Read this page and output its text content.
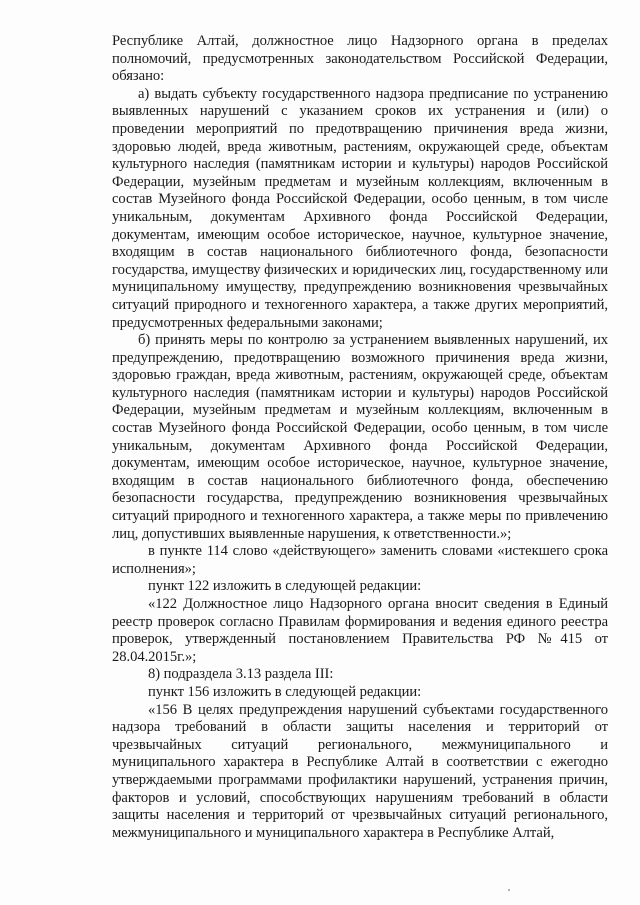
Республике Алтай, должностное лицо Надзорного органа в пределах полномочий, предусмотренных законодательством Российской Федерации, обязано:

а) выдать субъекту государственного надзора предписание по устранению выявленных нарушений с указанием сроков их устранения и (или) о проведении мероприятий по предотвращению причинения вреда жизни, здоровью людей, вреда животным, растениям, окружающей среде, объектам культурного наследия (памятникам истории и культуры) народов Российской Федерации, музейным предметам и музейным коллекциям, включенным в состав Музейного фонда Российской Федерации, особо ценным, в том числе уникальным, документам Архивного фонда Российской Федерации, документам, имеющим особое историческое, научное, культурное значение, входящим в состав национального библиотечного фонда, безопасности государства, имуществу физических и юридических лиц, государственному или муниципальному имуществу, предупреждению возникновения чрезвычайных ситуаций природного и техногенного характера, а также других мероприятий, предусмотренных федеральными законами;

б) принять меры по контролю за устранением выявленных нарушений, их предупреждению, предотвращению возможного причинения вреда жизни, здоровью граждан, вреда животным, растениям, окружающей среде, объектам культурного наследия (памятникам истории и культуры) народов Российской Федерации, музейным предметам и музейным коллекциям, включенным в состав Музейного фонда Российской Федерации, особо ценным, в том числе уникальным, документам Архивного фонда Российской Федерации, документам, имеющим особое историческое, научное, культурное значение, входящим в состав национального библиотечного фонда, обеспечению безопасности государства, предупреждению возникновения чрезвычайных ситуаций природного и техногенного характера, а также меры по привлечению лиц, допустивших выявленные нарушения, к ответственности.»;

в пункте 114 слово «действующего» заменить словами «истекшего срока исполнения»;

пункт 122 изложить в следующей редакции:

«122 Должностное лицо Надзорного органа вносит сведения в Единый реестр проверок согласно Правилам формирования и ведения единого реестра проверок, утвержденный постановлением Правительства РФ №415 от 28.04.2015г.»;

8) подраздела 3.13 раздела III:

пункт 156 изложить в следующей редакции:

«156 В целях предупреждения нарушений субъектами государственного надзора требований в области защиты населения и территорий от чрезвычайных ситуаций регионального, межмуниципального и муниципального характера в Республике Алтай в соответствии с ежегодно утверждаемыми программами профилактики нарушений, устранения причин, факторов и условий, способствующих нарушениям требований в области защиты населения и территорий от чрезвычайных ситуаций регионального, межмуниципального и муниципального характера в Республике Алтай,
